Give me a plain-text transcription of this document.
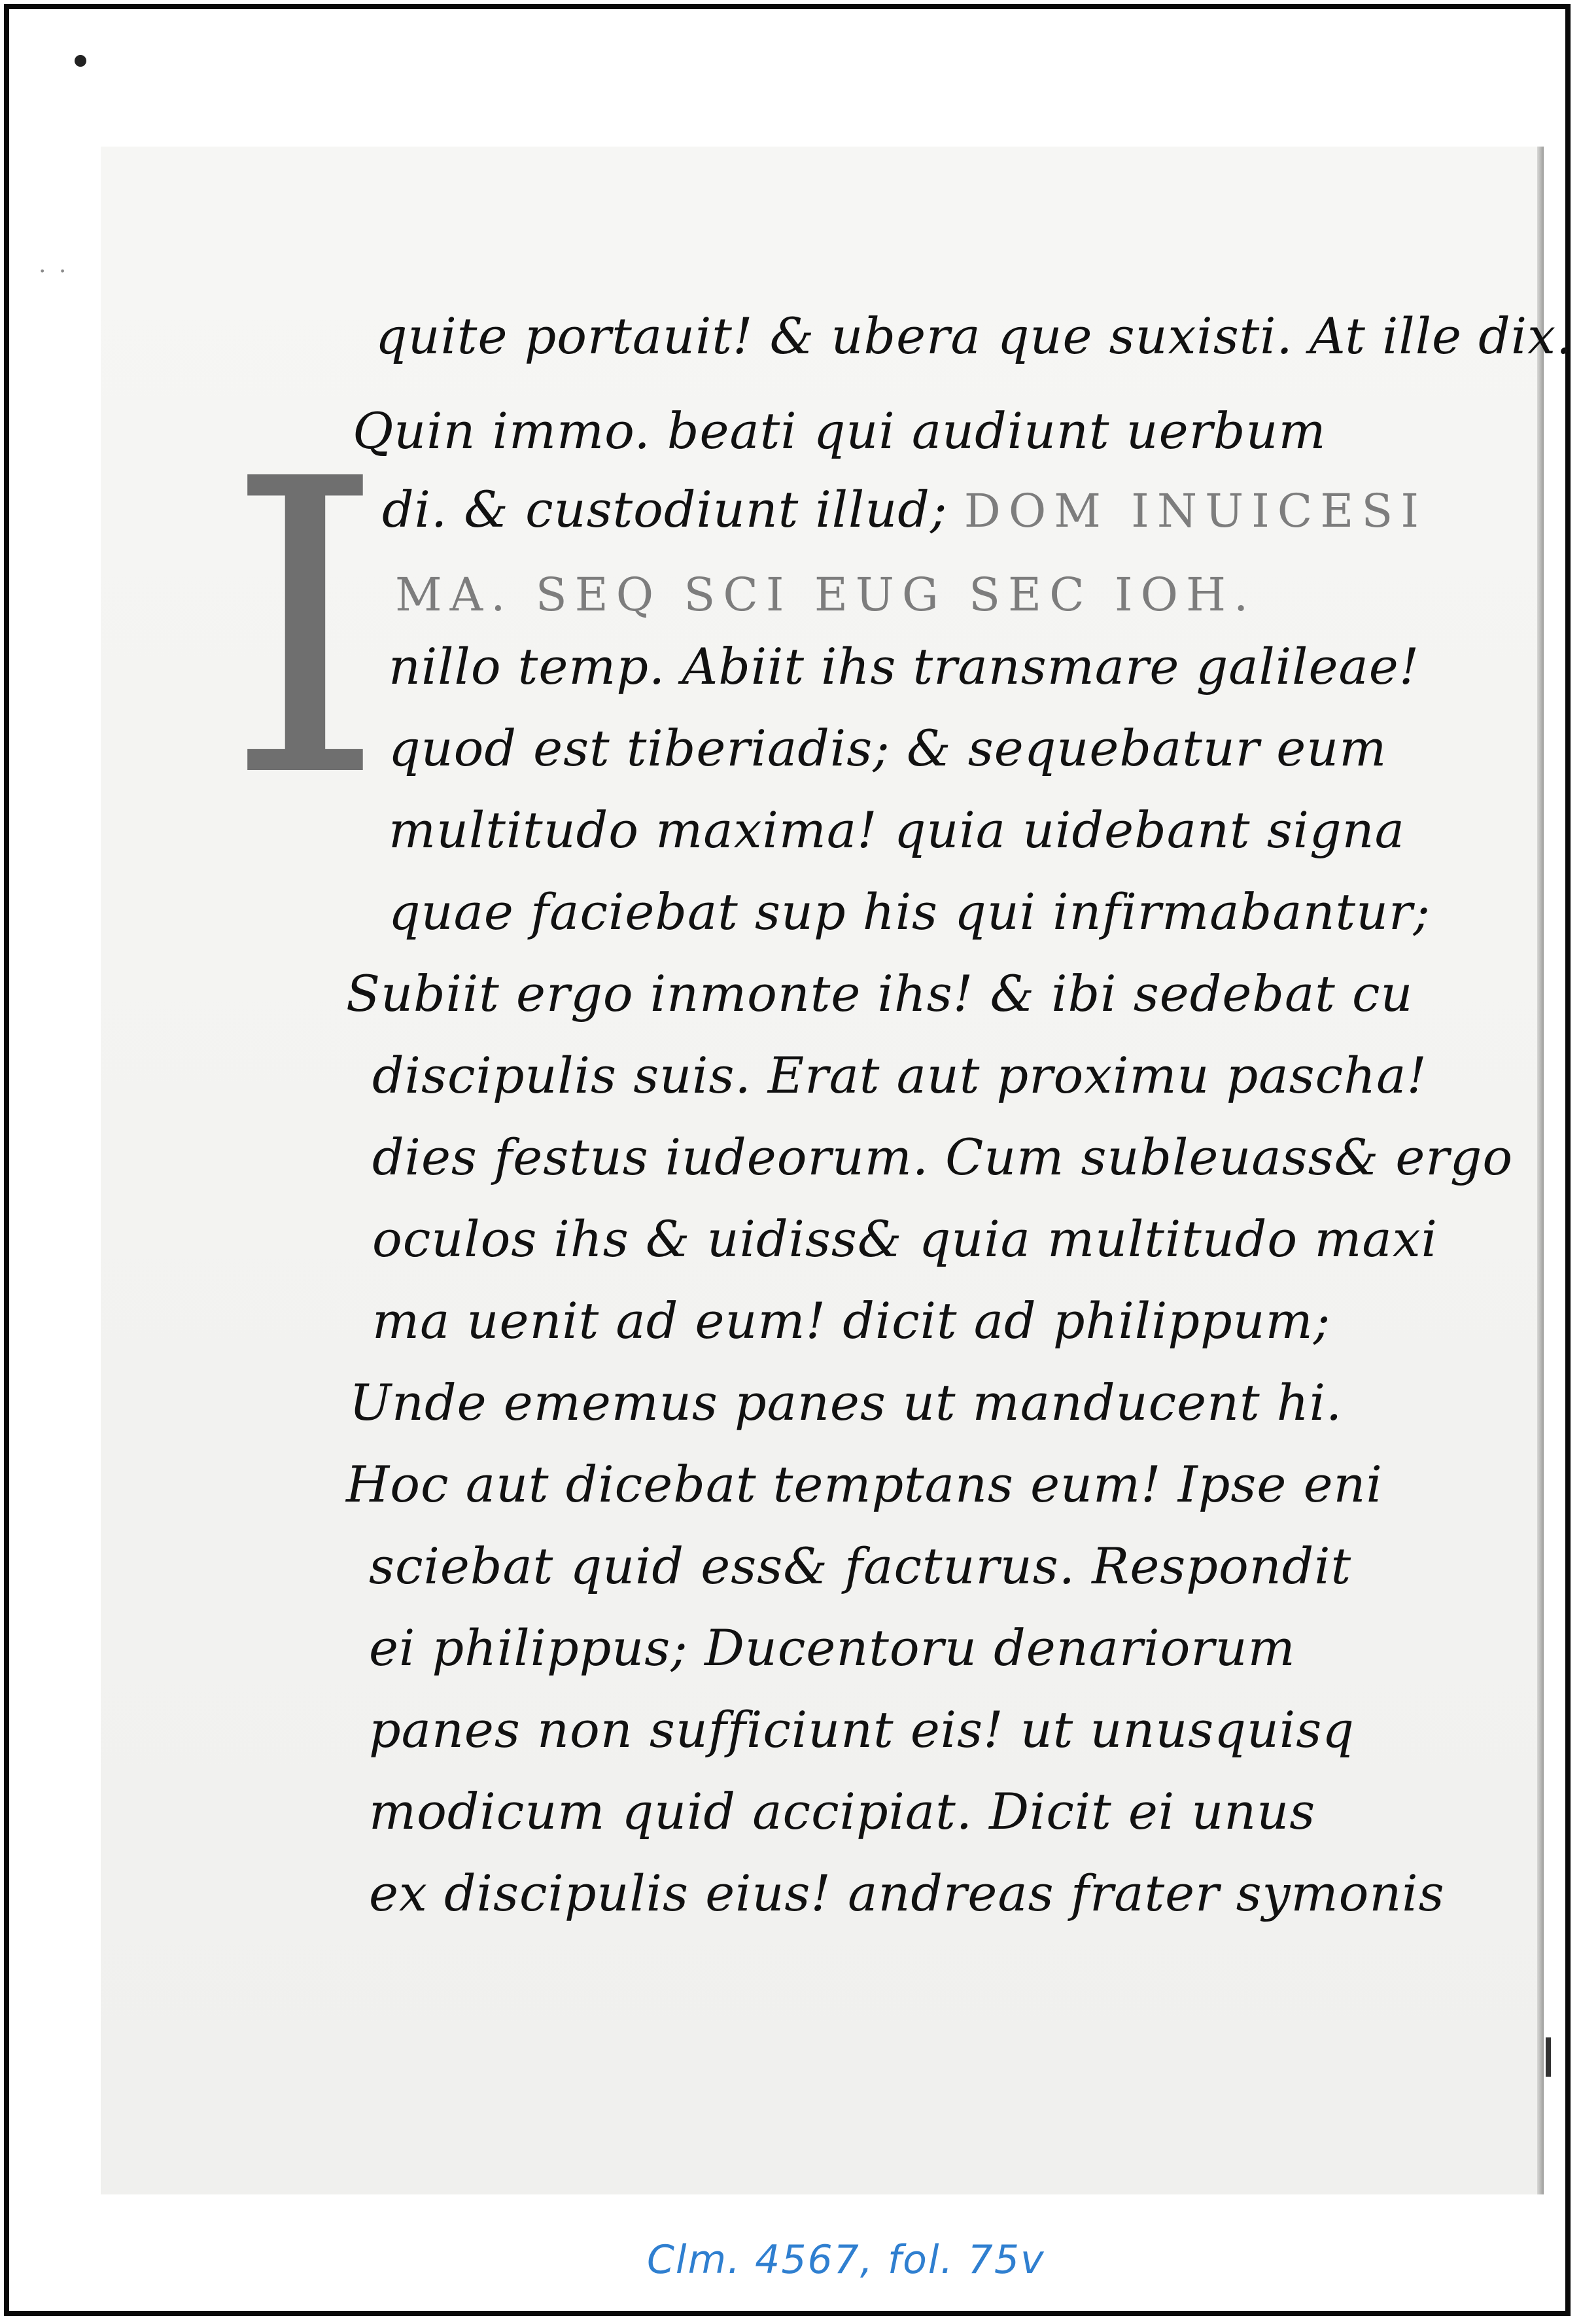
. .
quite portauit! & ubera que suxisti. At ille dix.
Quin immo. beati qui audiunt uerbum
di. & custodiunt illud; DOM INUICESI
MA. SEQ SCI EUG SEC IOH.
I nillo temp. Abiit ihs transmare galileae!
quod est tiberiadis; & sequebatur eum
multitudo maxima! quia uidebant signa
quae faciebat sup his qui infirmabantur;
Subiit ergo inmonte ihs! & ibi sedebat cu
discipulis suis. Erat aut proximu pascha!
dies festus iudeorum. Cum subleuass& ergo
oculos ihs & uidiss& quia multitudo maxi
ma uenit ad eum! dicit ad philippum;
Unde ememus panes ut manducent hi.
Hoc aut dicebat temptans eum! Ipse eni
sciebat quid ess& facturus. Respondit
ei philippus; Ducentoru denariorum
panes non sufficiunt eis! ut unusquisq
modicum quid accipiat. Dicit ei unus
ex discipulis eius! andreas frater symonis
Clm. 4567, fol. 75v
